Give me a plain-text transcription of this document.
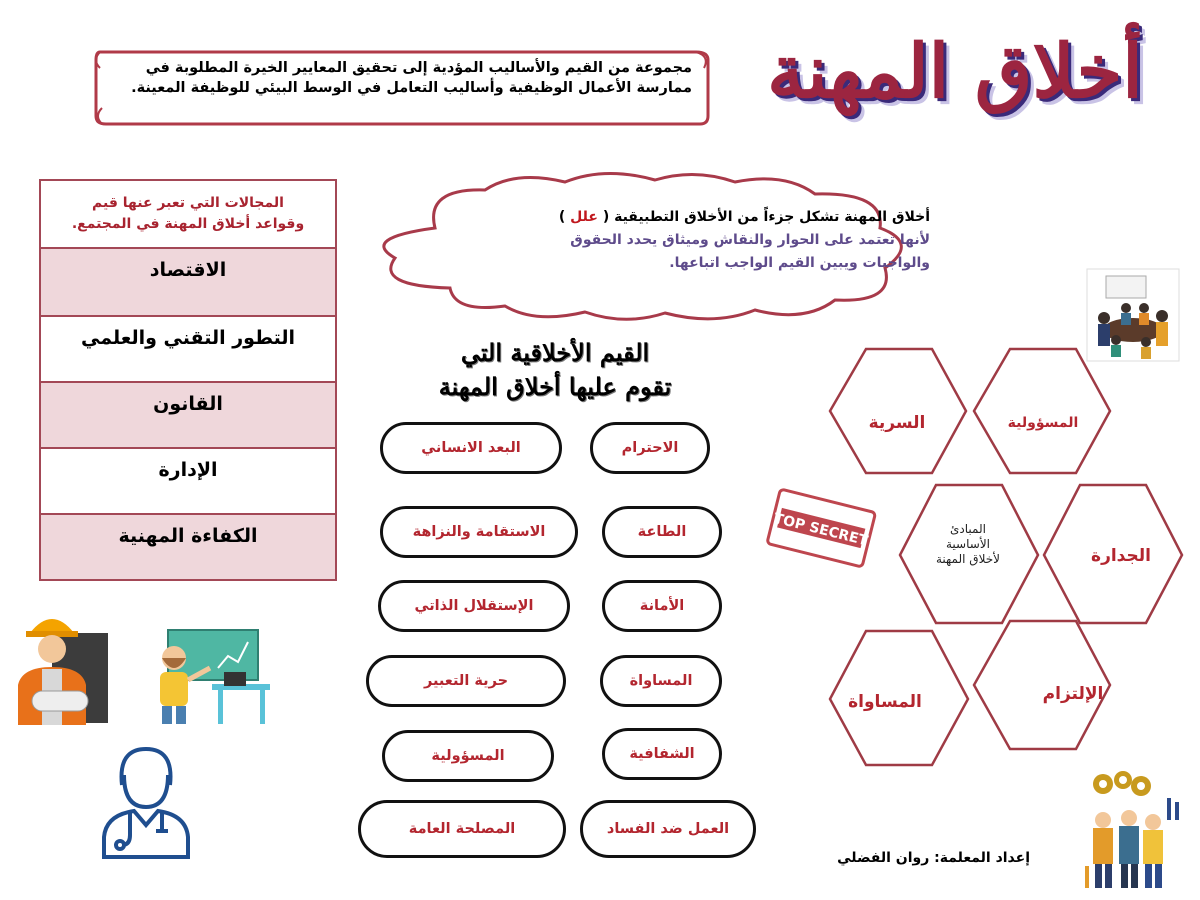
أخلاق المهنة
مجموعة من القيم والأساليب المؤدية إلى تحقيق المعايير الخيرة المطلوبة في
ممارسة الأعمال الوظيفية وأساليب التعامل في الوسط البيئي للوظيفة المعينة.
المجالات التي تعبر عنها قيم
وقواعد أخلاق المهنة في المجتمع.
الاقتصاد
التطور التقني والعلمي
القانون
الإدارة
الكفاءة المهنية
أخلاق المهنة تشكل جزءاً من الأخلاق التطبيقية ( علل )
لأنها تعتمد على الحوار والنقاش وميثاق يحدد الحقوق
والواجبات ويبين القيم الواجب اتباعها.
القيم الأخلاقية التي
تقوم عليها أخلاق المهنة
الاحترام
الطاعة
الأمانة
المساواة
الشفافية
العمل ضد الفساد
البعد الانساني
الاستقامة والنزاهة
الإستقلال الذاتي
حرية التعبير
المسؤولية
المصلحة العامة
المسؤولية
السرية
الجدارة
الإلتزام
المساواة
المبادئ الأساسية لأخلاق المهنة
TOP SECRET
إعداد المعلمة: روان الفضلي
